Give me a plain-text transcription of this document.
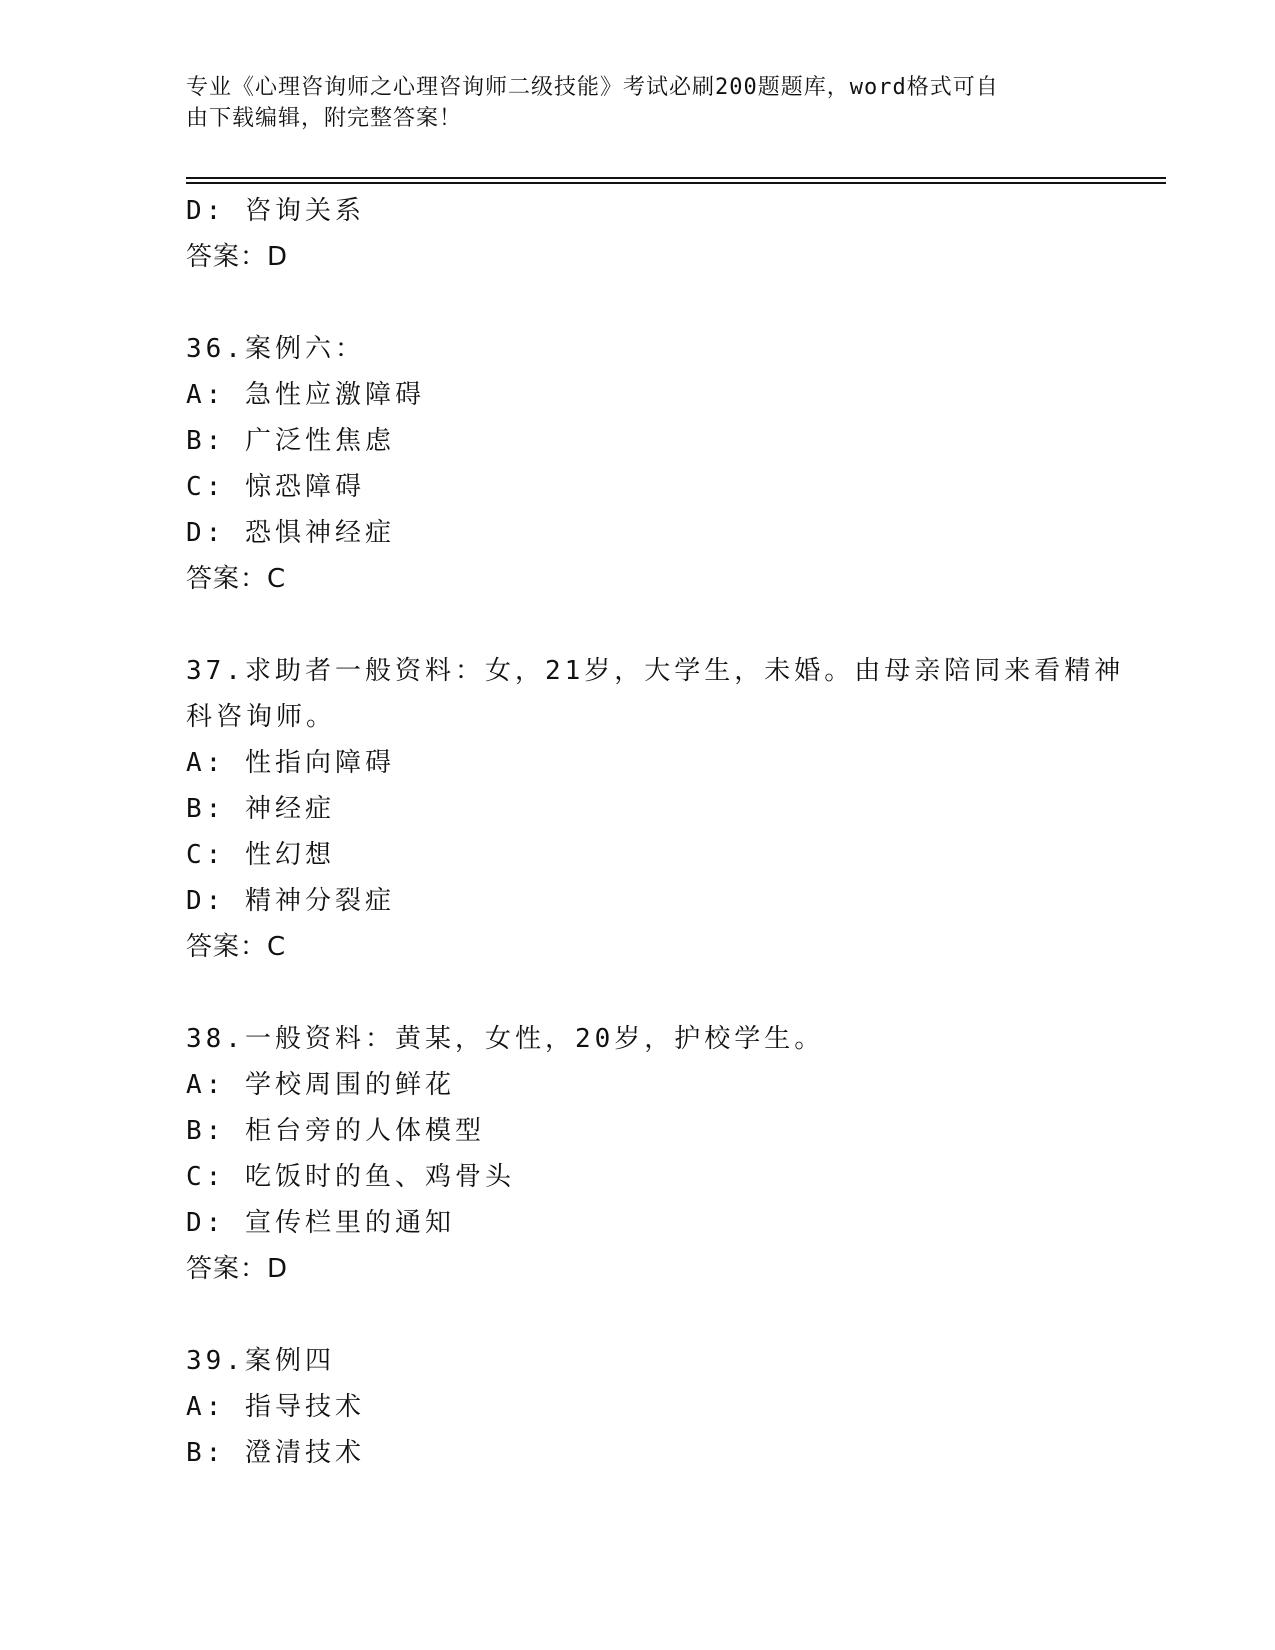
专业《心理咨询师之心理咨询师二级技能》考试必刷200题题库，word格式可自
由下载编辑，附完整答案！
D: 咨询关系
答案：D
36.案例六：
A: 急性应激障碍
B: 广泛性焦虑
C: 惊恐障碍
D: 恐惧神经症
答案：C
37.求助者一般资料：女，21岁，大学生，未婚。由母亲陪同来看精神
科咨询师。
A: 性指向障碍
B: 神经症
C: 性幻想
D: 精神分裂症
答案：C
38.一般资料：黄某，女性，20岁，护校学生。
A: 学校周围的鲜花
B: 柜台旁的人体模型
C: 吃饭时的鱼、鸡骨头
D: 宣传栏里的通知
答案：D
39.案例四
A: 指导技术
B: 澄清技术
